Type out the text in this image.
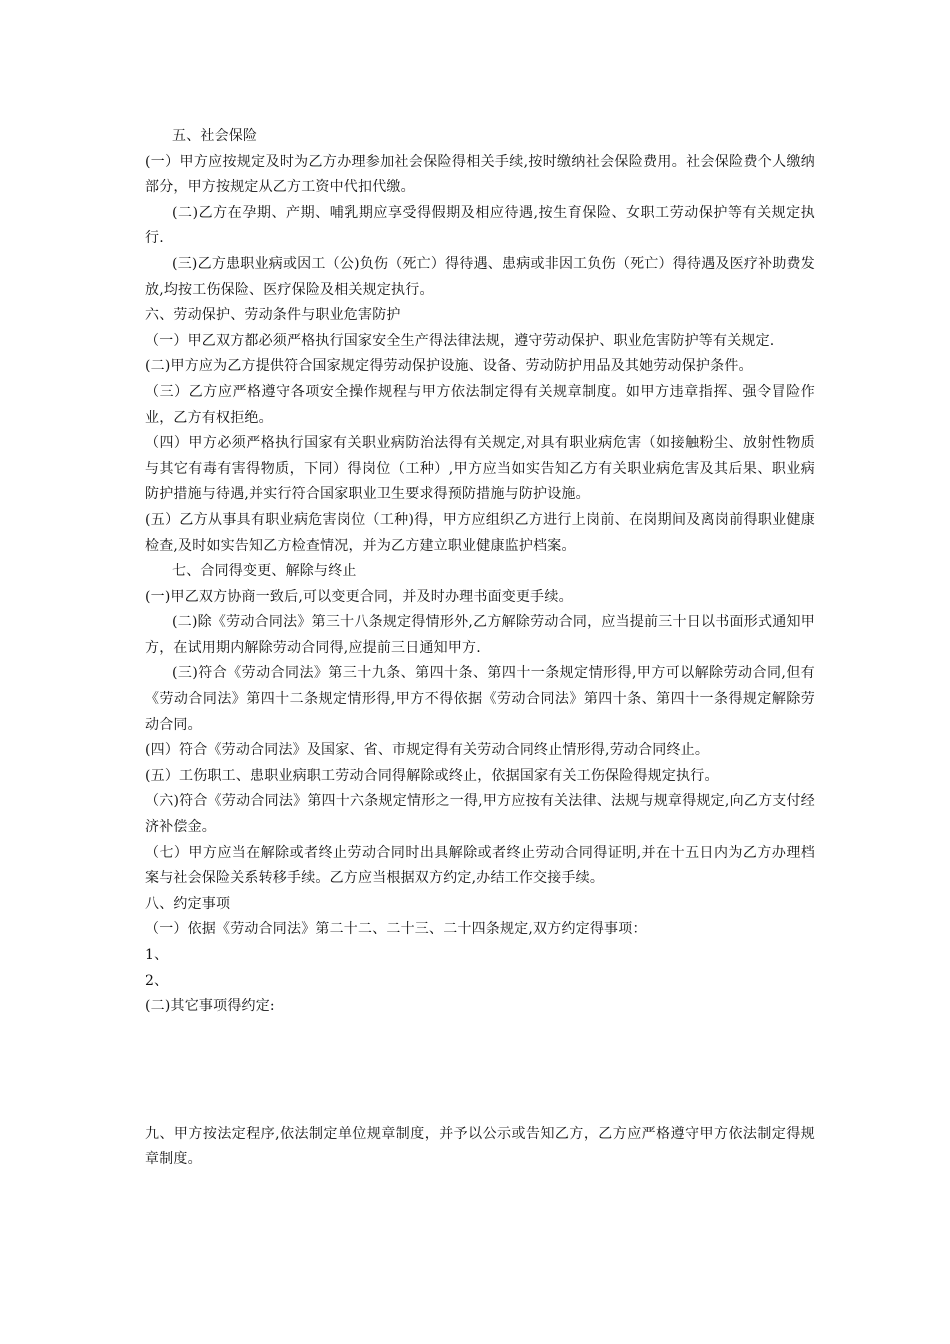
五、社会保险

(一）甲方应按规定及时为乙方办理参加社会保险得相关手续,按时缴纳社会保险费用。社会保险费个人缴纳部分，甲方按规定从乙方工资中代扣代缴。

(二)乙方在孕期、产期、哺乳期应享受得假期及相应待遇,按生育保险、女职工劳动保护等有关规定执行.

(三)乙方患职业病或因工（公)负伤（死亡）得待遇、患病或非因工负伤（死亡）得待遇及医疗补助费发放,均按工伤保险、医疗保险及相关规定执行。

六、劳动保护、劳动条件与职业危害防护

（一）甲乙双方都必须严格执行国家安全生产得法律法规，遵守劳动保护、职业危害防护等有关规定.

(二)甲方应为乙方提供符合国家规定得劳动保护设施、设备、劳动防护用品及其她劳动保护条件。

（三）乙方应严格遵守各项安全操作规程与甲方依法制定得有关规章制度。如甲方违章指挥、强令冒险作业，乙方有权拒绝。

（四）甲方必须严格执行国家有关职业病防治法得有关规定,对具有职业病危害（如接触粉尘、放射性物质与其它有毒有害得物质，下同）得岗位（工种）,甲方应当如实告知乙方有关职业病危害及其后果、职业病防护措施与待遇,并实行符合国家职业卫生要求得预防措施与防护设施。

(五）乙方从事具有职业病危害岗位（工种)得，甲方应组织乙方进行上岗前、在岗期间及离岗前得职业健康检查,及时如实告知乙方检查情况，并为乙方建立职业健康监护档案。

七、合同得变更、解除与终止

(一)甲乙双方协商一致后,可以变更合同，并及时办理书面变更手续。

(二)除《劳动合同法》第三十八条规定得情形外,乙方解除劳动合同，应当提前三十日以书面形式通知甲方，在试用期内解除劳动合同得,应提前三日通知甲方.

(三)符合《劳动合同法》第三十九条、第四十条、第四十一条规定情形得,甲方可以解除劳动合同,但有《劳动合同法》第四十二条规定情形得,甲方不得依据《劳动合同法》第四十条、第四十一条得规定解除劳动合同。

(四）符合《劳动合同法》及国家、省、市规定得有关劳动合同终止情形得,劳动合同终止。

(五）工伤职工、患职业病职工劳动合同得解除或终止，依据国家有关工伤保险得规定执行。

（六)符合《劳动合同法》第四十六条规定情形之一得,甲方应按有关法律、法规与规章得规定,向乙方支付经济补偿金。

（七）甲方应当在解除或者终止劳动合同时出具解除或者终止劳动合同得证明,并在十五日内为乙方办理档案与社会保险关系转移手续。乙方应当根据双方约定,办结工作交接手续。

八、约定事项

（一）依据《劳动合同法》第二十二、二十三、二十四条规定,双方约定得事项：

1、

2、

(二)其它事项得约定:

九、甲方按法定程序,依法制定单位规章制度，并予以公示或告知乙方，乙方应严格遵守甲方依法制定得规章制度。
